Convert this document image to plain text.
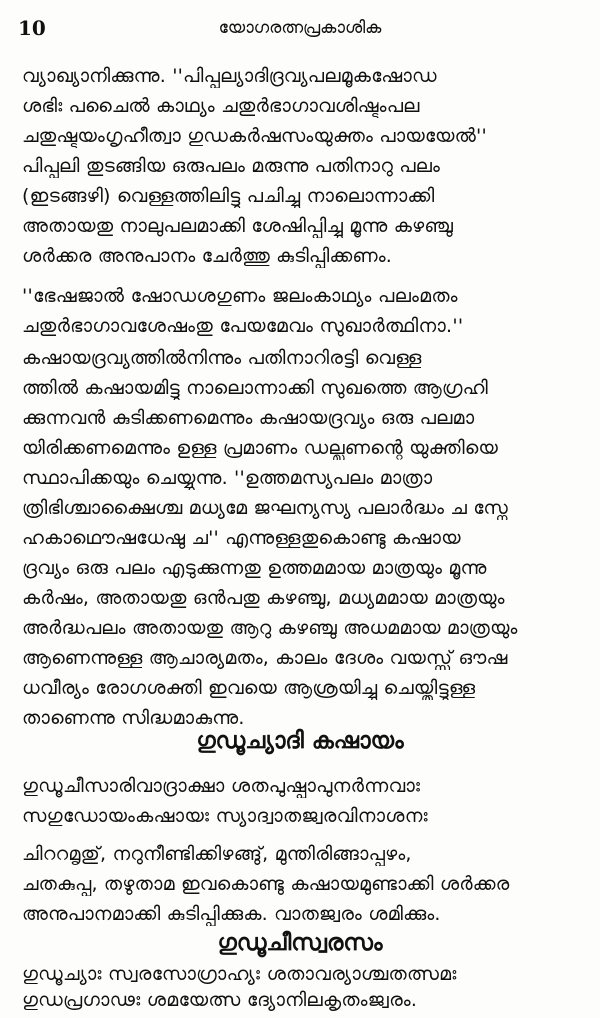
10	യോഗരത്നപ്രകാശിക
വ്യാഖ്യാനിക്കുന്നു. ''പിപ്പല്യാദിദ്രവ്യപലമൂകഷോഡ
ശഭിഃ പചൈൽ കാഥ്യം ചതുർഭാഗാവശിഷ്ടംപല
ചതുഷ്ടയംഗൃഹീത്വാ ഗുഡകർഷസംയുക്തം പായയേൽ''
പിപ്പലി തുടങ്ങിയ ഒരുപലം മരുന്നു പതിനാറു പലം
(ഇടങ്ങഴി) വെള്ളത്തിലിട്ടു പചിച്ചു നാലൊന്നാക്കി
അതായതു നാലുപലമാക്കി ശേഷിപ്പിച്ചു മൂന്നു കഴഞ്ചു
ശർക്കര അനുപാനം ചേർത്തു കുടിപ്പിക്കണം.
''ഭേഷജാൽ ഷോഡശഗുണം ജലംകാഥ്യം പലംമതം
ചതുർഭാഗാവശേഷംതു പേയമേവം സുഖാർത്ഥിനാ.''
കഷായദ്രവ്യത്തിൽനിന്നും പതിനാറിരട്ടി വെള്ള
ത്തിൽ കഷായമിട്ടു നാലൊന്നാക്കി സുഖത്തെ ആഗ്രഹി
ക്കുന്നവൻ കുടിക്കണമെന്നും കഷായദ്രവ്യം ഒരു പലമാ
യിരിക്കണമെന്നും ഉള്ള പ്രമാണം ഡല്ലണന്റെ യുക്തിയെ
സ്ഥാപിക്കയും ചെയ്യുന്നു. ''ഉത്തമസ്യപലം മാത്രാ
ത്രിഭിശ്ചാക്ഷൈശ്ച മധ്യമേ ജഘന്യസ്യ പലാർദ്ധം ച സ്നേ
ഹകാഥൌഷധേഷു ച'' എന്നുള്ളതുകൊണ്ടു കഷായ
ദ്രവ്യം ഒരു പലം എടുക്കുന്നതു ഉത്തമമായ മാത്രയും മൂന്നു
കർഷം, അതായതു ഒൻപതു കഴഞ്ചു, മധ്യമമായ മാത്രയും
അർദ്ധപലം അതായതു ആറു കഴഞ്ചു അധമമായ മാത്രയും
ആണെന്നുള്ള ആചാര്യമതം, കാലം ദേശം വയസ്സ് ഔഷ
ധവീര്യം രോഗശക്തി ഇവയെ ആശ്രയിച്ചു ചെയ്തിട്ടുള്ള
താണെന്നു സിദ്ധമാകുന്നു.
ഗുഡൂച്യാദി കഷായം
ഗുഡൂചീസാരിവാദ്രാക്ഷാ ശതപുഷ്പാപുനർന്നവാഃ
സഗുഡോയംകഷായഃ സ്യാദ്വാതജ്വരവിനാശനഃ
ചിററമൃതു്, നറുനീണ്ടിക്കിഴങ്ങു്, മുന്തിരിങ്ങാപ്പഴം,
ചതകുപ്പ, തഴുതാമ ഇവകൊണ്ടു കഷായമുണ്ടാക്കി ശർക്കര
അനുപാനമാക്കി കുടിപ്പിക്കുക. വാതജ്വരം ശമിക്കും.
ഗുഡൂചീസ്വരസം
ഗുഡൂച്യാഃ സ്വരസോഗ്രാഹ്യഃ ശതാവര്യാശ്ചതത്സമഃ
ഗുഡപ്രഗാഢഃ ശമയേത്സ ദ്യോനിലകൃതംജ്വരം.
